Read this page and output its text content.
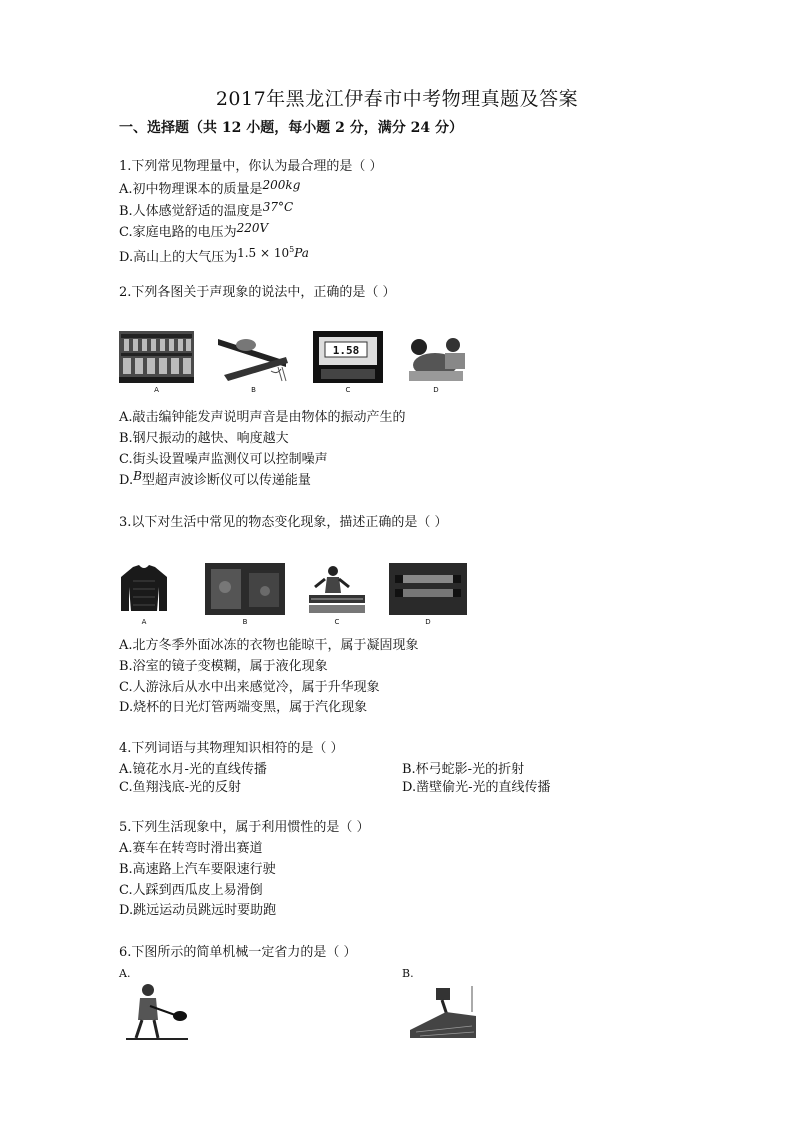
2017年黑龙江伊春市中考物理真题及答案
一、选择题（共 12 小题，每小题 2 分，满分 24 分）
1.下列常见物理量中，你认为最合理的是（ ）
A.初中物理课本的质量是200kg
B.人体感觉舒适的温度是37°C
C.家庭电路的电压为220V
D.高山上的大气压为$1.5 \times 10^5Pa$
2.下列各图关于声现象的说法中，正确的是（ ）
A	B
1.58
C	D
A.敲击编钟能发声说明声音是由物体的振动产生的
B.钢尺振动的越快、响度越大
C.街头设置噪声监测仪可以控制噪声
D.B型超声波诊断仪可以传递能量
3.以下对生活中常见的物态变化现象，描述正确的是（ ）
A	B	C	D
A.北方冬季外面冰冻的衣物也能晾干，属于凝固现象
B.浴室的镜子变模糊，属于液化现象
C.人游泳后从水中出来感觉冷，属于升华现象
D.烧杯的日光灯管两端变黑，属于汽化现象
4.下列词语与其物理知识相符的是（ ）
A.镜花水月-光的直线传播	B.杯弓蛇影-光的折射
C.鱼翔浅底-光的反射	D.凿壁偷光-光的直线传播
5.下列生活现象中，属于利用惯性的是（ ）
A.赛车在转弯时滑出赛道
B.高速路上汽车要限速行驶
C.人踩到西瓜皮上易滑倒
D.跳远运动员跳远时要助跑
6.下图所示的简单机械一定省力的是（ ）
A.	B.
